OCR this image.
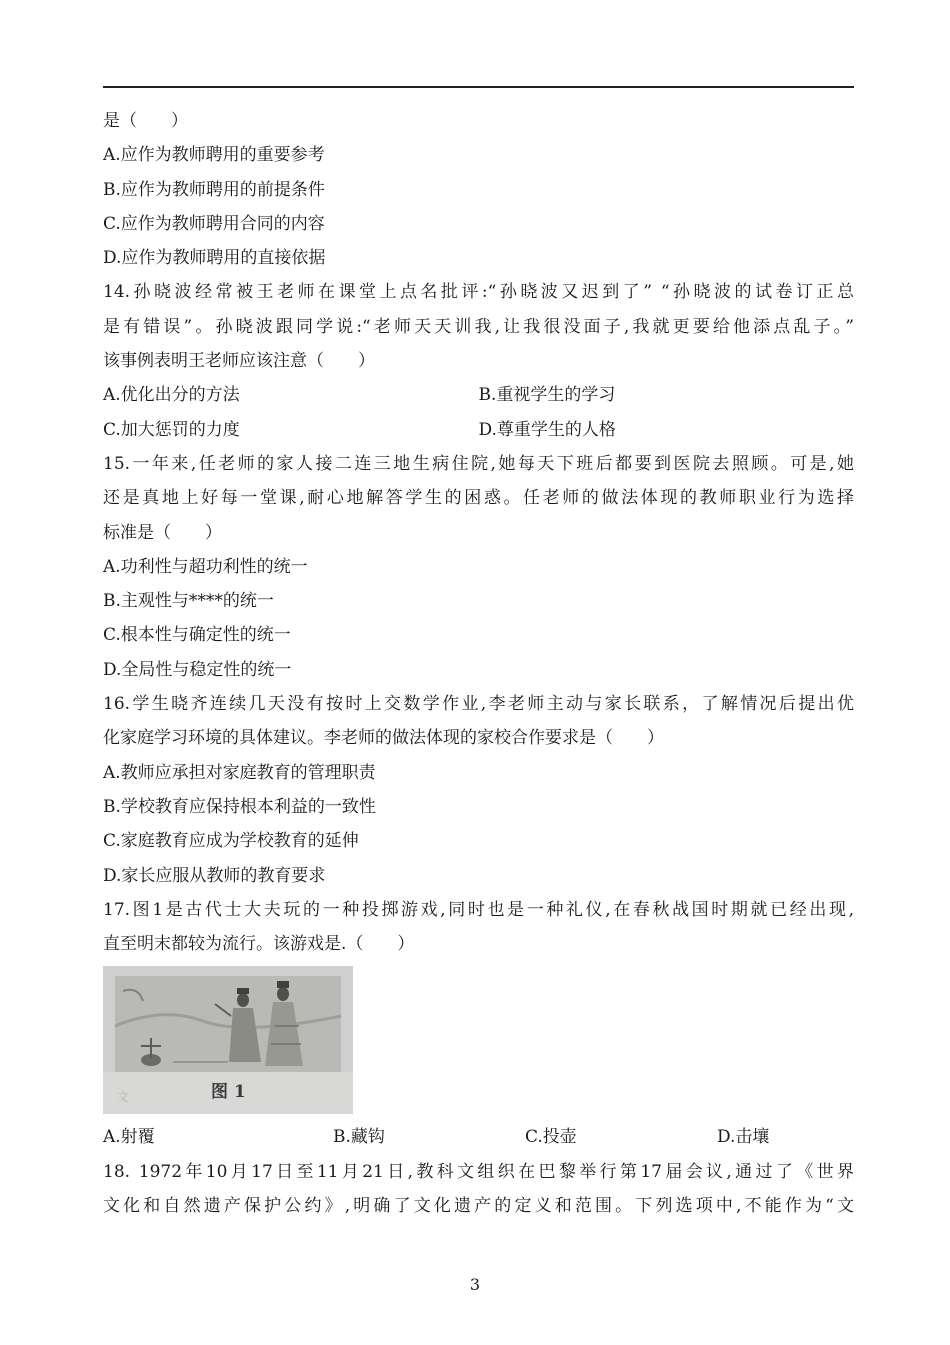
是（　　）
A.应作为教师聘用的重要参考
B.应作为教师聘用的前提条件
C.应作为教师聘用合同的内容
D.应作为教师聘用的直接依据
14.孙晓波经常被王老师在课堂上点名批评:“孙晓波又迟到了” “孙晓波的试卷订正总
是有错误”。孙晓波跟同学说:“老师天天训我,让我很没面子,我就更要给他添点乱子。”
该事例表明王老师应该注意（　　）
A.优化出分的方法	B.重视学生的学习
C.加大惩罚的力度	D.尊重学生的人格
15.一年来,任老师的家人接二连三地生病住院,她每天下班后都要到医院去照顾。可是,她
还是真地上好每一堂课,耐心地解答学生的困惑。任老师的做法体现的教师职业行为选择
标准是（　　）
A.功利性与超功利性的统一
B.主观性与****的统一
C.根本性与确定性的统一
D.全局性与稳定性的统一
16.学生晓齐连续几天没有按时上交数学作业,李老师主动与家长联系，了解情况后提出优
化家庭学习环境的具体建议。李老师的做法体现的家校合作要求是（　　）
A.教师应承担对家庭教育的管理职责
B.学校教育应保持根本利益的一致性
C.家庭教育应成为学校教育的延伸
D.家长应服从教师的教育要求
17.图1是古代士大夫玩的一种投掷游戏,同时也是一种礼仪,在春秋战国时期就已经出现,
直至明末都较为流行。该游戏是.（　　）
文	图 1
A.射覆	B.藏钩	C.投壶	D.击壤
18. 1972年10月17日至11月21日,教科文组织在巴黎举行第17届会议,通过了《世界
文化和自然遗产保护公约》,明确了文化遗产的定义和范围。下列选项中,不能作为“文
3
